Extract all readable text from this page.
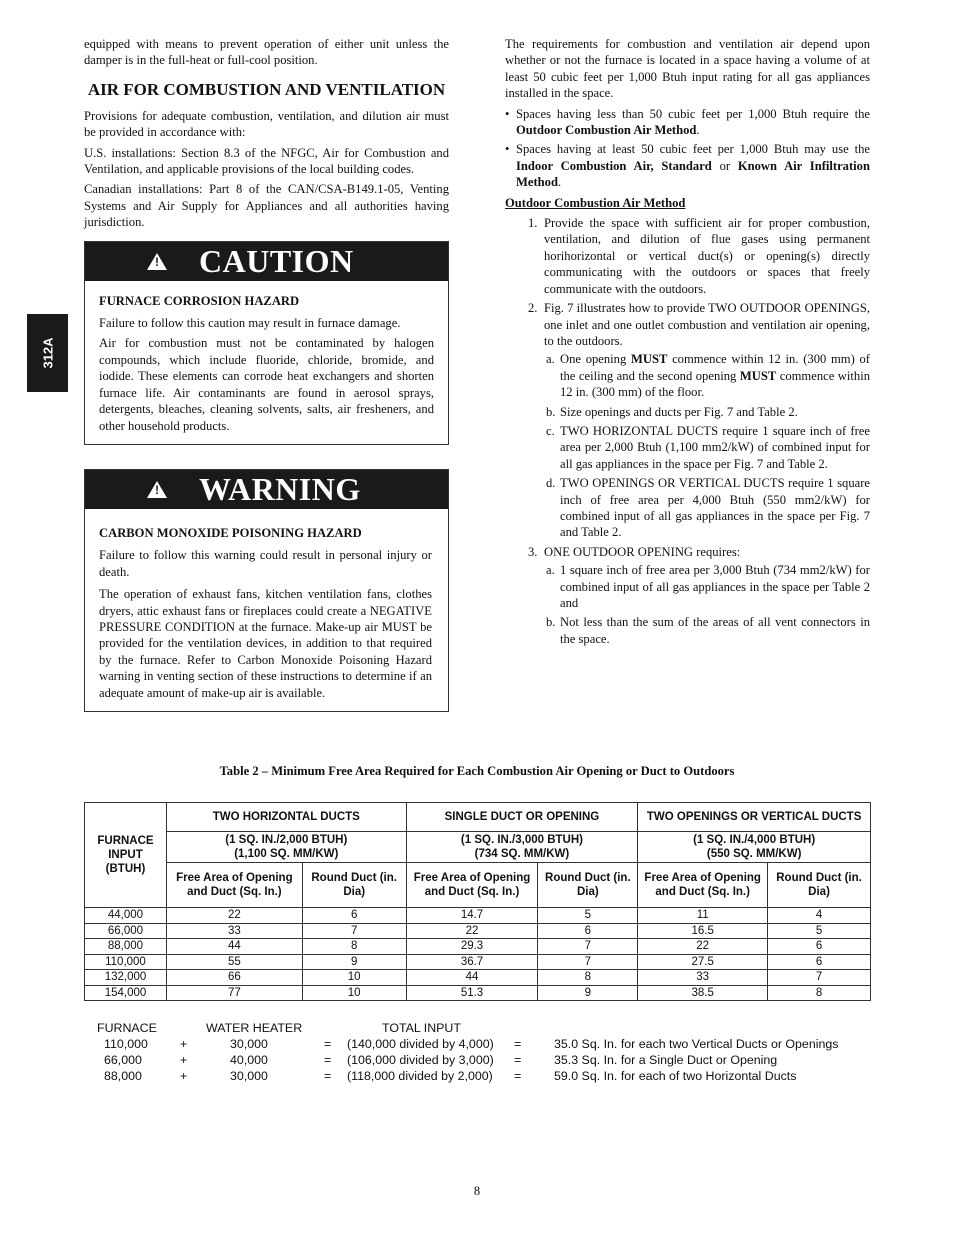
312A

equipped with means to prevent operation of either unit unless the damper is in the full‑heat or full‑cool position.

AIR FOR COMBUSTION AND VENTILATION

Provisions for adequate combustion, ventilation, and dilution air must be provided in accordance with:

U.S. installations: Section 8.3 of the NFGC, Air for Combustion and Ventilation, and applicable provisions of the local building codes.

Canadian installations: Part 8 of the CAN/CSA‑B149.1‑05, Venting Systems and Air Supply for Appliances and all authorities having jurisdiction.

!
CAUTION
FURNACE CORROSION HAZARD

Failure to follow this caution may result in furnace damage.

Air for combustion must not be contaminated by halogen compounds, which include fluoride, chloride, bromide, and iodide. These elements can corrode heat exchangers and shorten furnace life. Air contaminants are found in aerosol sprays, detergents, bleaches, cleaning solvents, salts, air fresheners, and other household products.

!
WARNING
CARBON MONOXIDE POISONING HAZARD

Failure to follow this warning could result in personal injury or death.

The operation of exhaust fans, kitchen ventilation fans, clothes dryers, attic exhaust fans or fireplaces could create a NEGATIVE PRESSURE CONDITION at the furnace. Make‑up air MUST be provided for the ventilation devices, in addition to that required by the furnace. Refer to Carbon Monoxide Poisoning Hazard warning in venting section of these instructions to determine if an adequate amount of make‑up air is available.

The requirements for combustion and ventilation air depend upon whether or not the furnace is located in a space having a volume of at least 50 cubic feet per 1,000 Btuh input rating for all gas appliances installed in the space.

• Spaces having less than 50 cubic feet per 1,000 Btuh require the Outdoor Combustion Air Method.
• Spaces having at least 50 cubic feet per 1,000 Btuh may use the Indoor Combustion Air, Standard or Known Air Infiltration Method.
Outdoor Combustion Air Method
1. Provide the space with sufficient air for proper combustion, ventilation, and dilution of flue gases using permanent horihorizontal or vertical duct(s) or opening(s) directly communicating with the outdoors or spaces that freely communicate with the outdoors.
2. Fig. 7 illustrates how to provide TWO OUTDOOR OPENINGS, one inlet and one outlet combustion and ventilation air opening, to the outdoors.
a. One opening MUST commence within 12 in. (300 mm) of the ceiling and the second opening MUST commence within 12 in. (300 mm) of the floor.
b. Size openings and ducts per Fig. 7 and Table 2.
c. TWO HORIZONTAL DUCTS require 1 square inch of free area per 2,000 Btuh (1,100 mm2/kW) of combined input for all gas appliances in the space per Fig. 7 and Table 2.
d. TWO OPENINGS OR VERTICAL DUCTS require 1 square inch of free area per 4,000 Btuh (550 mm2/kW) for combined input of all gas appliances in the space per Fig. 7 and Table 2.
3. ONE OUTDOOR OPENING requires:
a. 1 square inch of free area per 3,000 Btuh (734 mm2/kW) for combined input of all gas appliances in the space per Table 2 and
b. Not less than the sum of the areas of all vent connectors in the space.
Table 2 – Minimum Free Area Required for Each Combustion Air Opening or Duct to Outdoors
FURNACE INPUT (BTUH)	TWO HORIZONTAL DUCTS		SINGLE DUCT OR OPENING		TWO OPENINGS OR VERTICAL DUCTS	
	(1 SQ. IN./2,000 BTUH)
(1,100 SQ. MM/KW)		(1 SQ. IN./3,000 BTUH)
(734 SQ. MM/KW)		(1 SQ. IN./4,000 BTUH)
(550 SQ. MM/KW)	
	Free Area of Opening and Duct (Sq. In.)	Round Duct (in. Dia)	Free Area of Opening and Duct (Sq. In.)	Round Duct (in. Dia)	Free Area of Opening and Duct (Sq. In.)	Round Duct (in. Dia)
44,000	22	6	14.7	5	11	4
66,000	33	7	22	6	16.5	5
88,000	44	8	29.3	7	22	6
110,000	55	9	36.7	7	27.5	6
132,000	66	10	44	8	33	7
154,000	77	10	51.3	9	38.5	8
FURNACE	WATER HEATER	TOTAL INPUT
110,000	+	30,000	= (140,000 divided by 4,000) =	35.0 Sq. In. for each two Vertical Ducts or Openings
66,000	+	40,000	= (106,000 divided by 3,000) =	35.3 Sq. In. for a Single Duct or Opening
88,000	+	30,000	= (118,000 divided by 2,000) =	59.0 Sq. In. for each of two Horizontal Ducts
8
